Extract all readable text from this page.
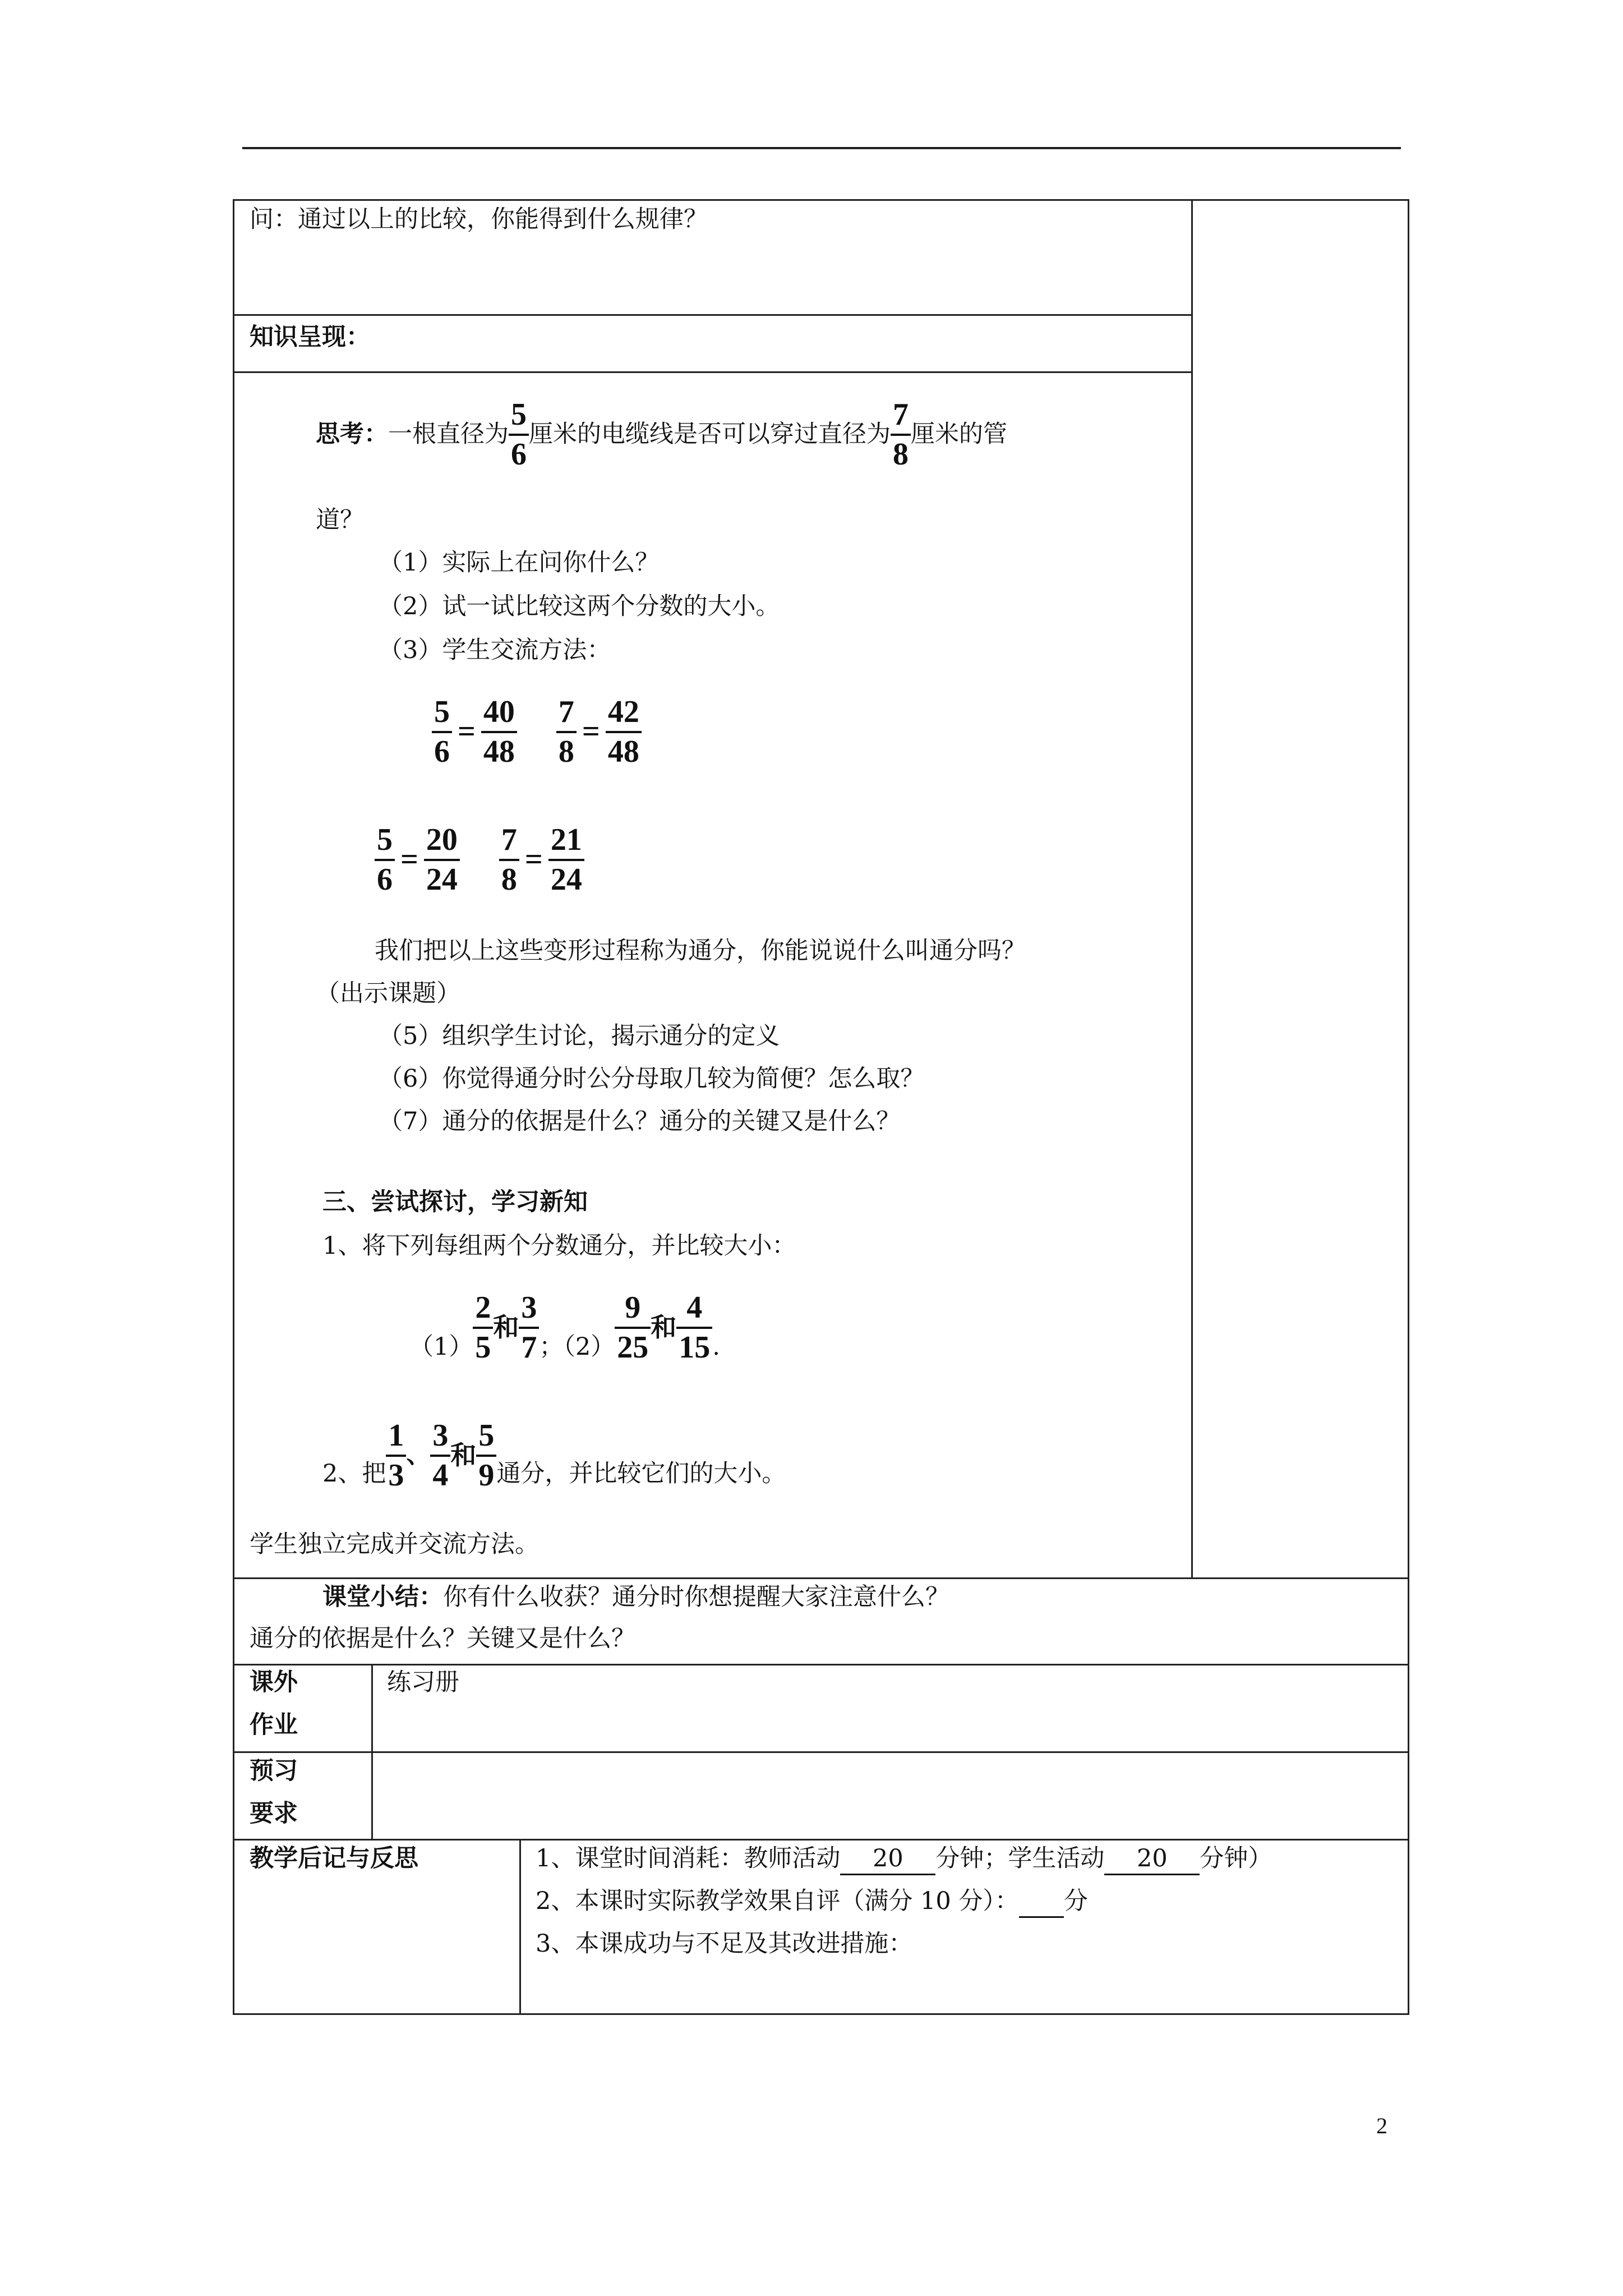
问：通过以上的比较，你能得到什么规律？
知识呈现：
思考： 一根直径为 $\frac{5}{6}$ 厘米的电缆线是否可以穿过直径为 $\frac{7}{8}$ 厘米的管
道？
（1）实际上在问你什么？
（2）试一试比较这两个分数的大小。
（3）学生交流方法：
$\frac{5}{6} = \frac{40}{48} \frac{7}{8} = \frac{42}{48}$
$\frac{5}{6} = \frac{20}{24} \frac{7}{8} = \frac{21}{24}$
我们把以上这些变形过程称为通分，你能说说什么叫通分吗？
（出示课题）
（5）组织学生讨论，揭示通分的定义
（6）你觉得通分时公分母取几较为简便？怎么取？
（7）通分的依据是什么？通分的关键又是什么？
三、尝试探讨，学习新知
1、将下列每组两个分数通分，并比较大小：
$(1) \frac{2}{5}$ 和 $\frac{3}{7}$ ；$(2) \frac{9}{25}$ 和 $\frac{4}{15}$ .
2、把 $\frac{1}{3}$ 、 $\frac{3}{4}$ 和 $\frac{5}{9}$ 通分，并比较它们的大小。
学生独立完成并交流方法。
课堂小结：你有什么收获？通分时你想提醒大家注意什么？
通分的依据是什么？关键又是什么？
课外
作业
练习册
预习
要求
教学后记与反思	1、课堂时间消耗：教师活动 20 分钟；学生活动 20 分钟）
2、本课时实际教学效果自评（满分 10 分）： 分
3、本课成功与不足及其改进措施：
2
